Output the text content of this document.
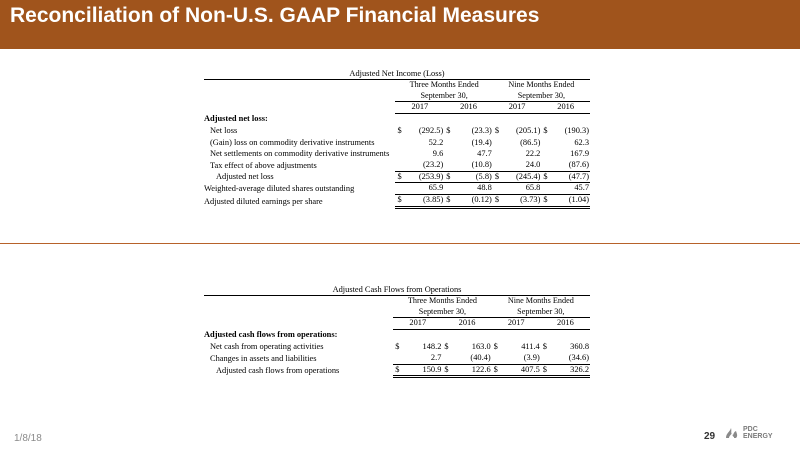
Reconciliation of Non-U.S. GAAP Financial Measures
Adjusted Net Income (Loss)								

	Three Months Ended
September 30,				Nine Months Ended
September 30,			

	2017		2016		2017		2016	
Adjusted net loss:								
Net loss	$	(292.5)	$	(23.3)	$	(205.1)	$	(190.3)
(Gain) loss on commodity derivative instruments		52.2		(19.4)		(86.5)		62.3
Net settlements on commodity derivative instruments		9.6		47.7		22.2		167.9
Tax effect of above adjustments		(23.2)		(10.8)		24.0		(87.6)
Adjusted net loss	$	(253.9)	$	(5.8)	$	(245.4)	$	(47.7)
Weighted-average diluted shares outstanding		65.9		48.8		65.8		45.7
Adjusted diluted earnings per share	$	(3.85)	$	(0.12)	$	(3.73)	$	(1.04)
Adjusted Cash Flows from Operations								

	Three Months Ended
September 30,				Nine Months Ended
September 30,			

	2017		2016		2017		2016	
Adjusted cash flows from operations:								
Net cash from operating activities	$	148.2	$	163.0	$	411.4	$	360.8
Changes in assets and liabilities		2.7		(40.4)		(3.9)		(34.6)
Adjusted cash flows from operations	$	150.9	$	122.6	$	407.5	$	326.2
1/8/18	29
PDC
ENERGY
